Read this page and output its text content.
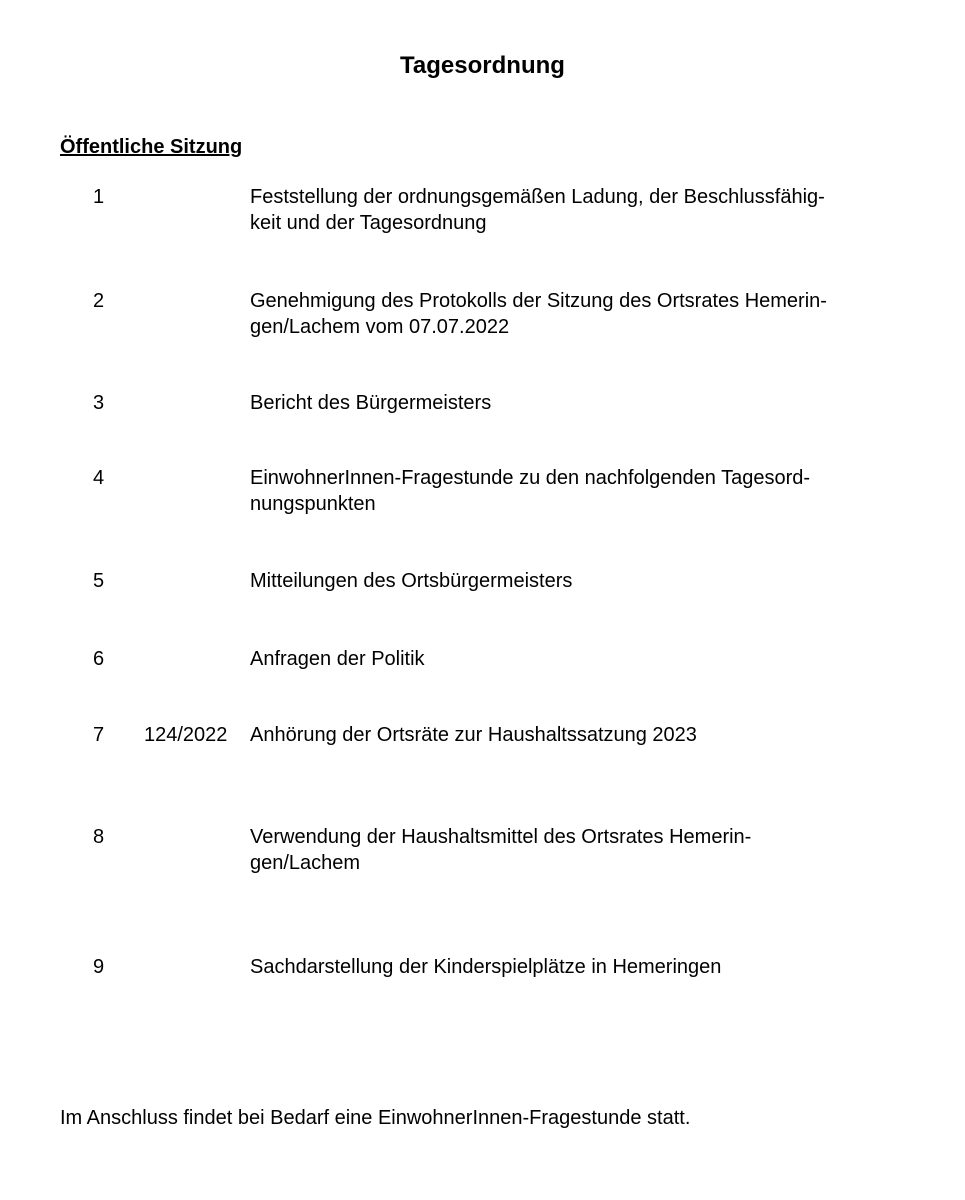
Tagesordnung
Öffentliche Sitzung
1	Feststellung der ordnungsgemäßen Ladung, der Beschlussfähig-
keit und der Tagesordnung
2	Genehmigung des Protokolls der Sitzung des Ortsrates Hemerin-
gen/Lachem vom 07.07.2022
3	Bericht des Bürgermeisters
4	EinwohnerInnen-Fragestunde zu den nachfolgenden Tagesord-
nungspunkten
5	Mitteilungen des Ortsbürgermeisters
6	Anfragen der Politik
7 124/2022 Anhörung der Ortsräte zur Haushaltssatzung 2023
8	Verwendung der Haushaltsmittel des Ortsrates Hemerin-
gen/Lachem
9	Sachdarstellung der Kinderspielplätze in Hemeringen
Im Anschluss findet bei Bedarf eine EinwohnerInnen-Fragestunde statt.
